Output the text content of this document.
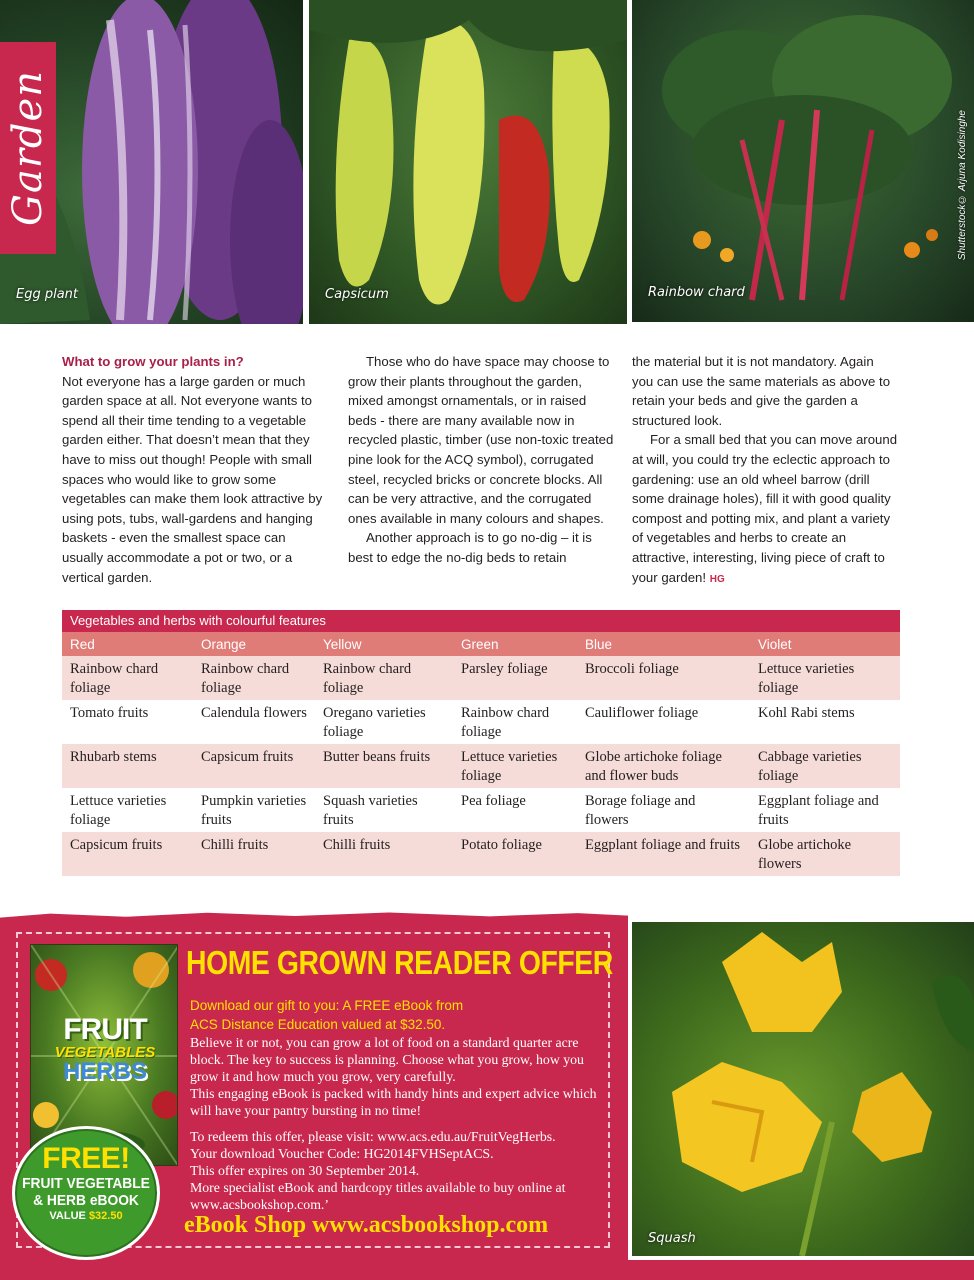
Garden
Egg plant	Capsicum	Rainbow chard
Shutterstock© Arjuna Kodisinghe
What to grow your plants in?

Not everyone has a large garden or much garden space at all. Not everyone wants to spend all their time tending to a vegetable garden either. That doesn’t mean that they have to miss out though! People with small spaces who would like to grow some vegetables can make them look attractive by using pots, tubs, wall-gardens and hanging baskets - even the smallest space can usually accommodate a pot or two, or a vertical garden.

Those who do have space may choose to grow their plants throughout the garden, mixed amongst ornamentals, or in raised beds - there are many available now in recycled plastic, timber (use non-toxic treated pine look for the ACQ symbol), corrugated steel, recycled bricks or concrete blocks. All can be very attractive, and the corrugated ones available in many colours and shapes.

Another approach is to go no-dig – it is best to edge the no-dig beds to retain

the material but it is not mandatory. Again you can use the same materials as above to retain your beds and give the garden a structured look.

For a small bed that you can move around at will, you could try the eclectic approach to gardening: use an old wheel barrow (drill some drainage holes), fill it with good quality compost and potting mix, and plant a variety of vegetables and herbs to create an attractive, interesting, living piece of craft to your garden! HG

Vegetables and herbs with colourful features
Red	Orange	Yellow	Green	Blue	Violet
Rainbow chard foliage	Rainbow chard foliage	Rainbow chard foliage	Parsley foliage	Broccoli foliage	Lettuce varieties foliage
Tomato fruits	Calendula flowers	Oregano varieties foliage	Rainbow chard foliage	Cauliflower foliage	Kohl Rabi stems
Rhubarb stems	Capsicum fruits	Butter beans fruits	Lettuce varieties foliage	Globe artichoke foliage and flower buds	Cabbage varieties foliage
Lettuce varieties foliage	Pumpkin varieties fruits	Squash varieties fruits	Pea foliage	Borage foliage and flowers	Eggplant foliage and fruits
Capsicum fruits	Chilli fruits	Chilli fruits	Potato foliage	Eggplant foliage and fruits	Globe artichoke flowers
FRUIT
VEGETABLES
HERBS
FREE!
FRUIT VEGETABLE
& HERB eBOOK
VALUE $32.50
HOME GROWN READER OFFER
Download our gift to you: A FREE eBook from
ACS Distance Education valued at $32.50.

Believe it or not, you can grow a lot of food on a standard quarter acre block. The key to success is planning. Choose what you grow, how you grow it and how much you grow, very carefully.

This engaging eBook is packed with handy hints and expert advice which will have your pantry bursting in no time!

To redeem this offer, please visit: www.acs.edu.au/FruitVegHerbs.

Your download Voucher Code: HG2014FVHSeptACS.

This offer expires on 30 September 2014.

More specialist eBook and hardcopy titles available to buy online at www.acsbookshop.com.’

eBook Shop www.acsbookshop.com
Squash
